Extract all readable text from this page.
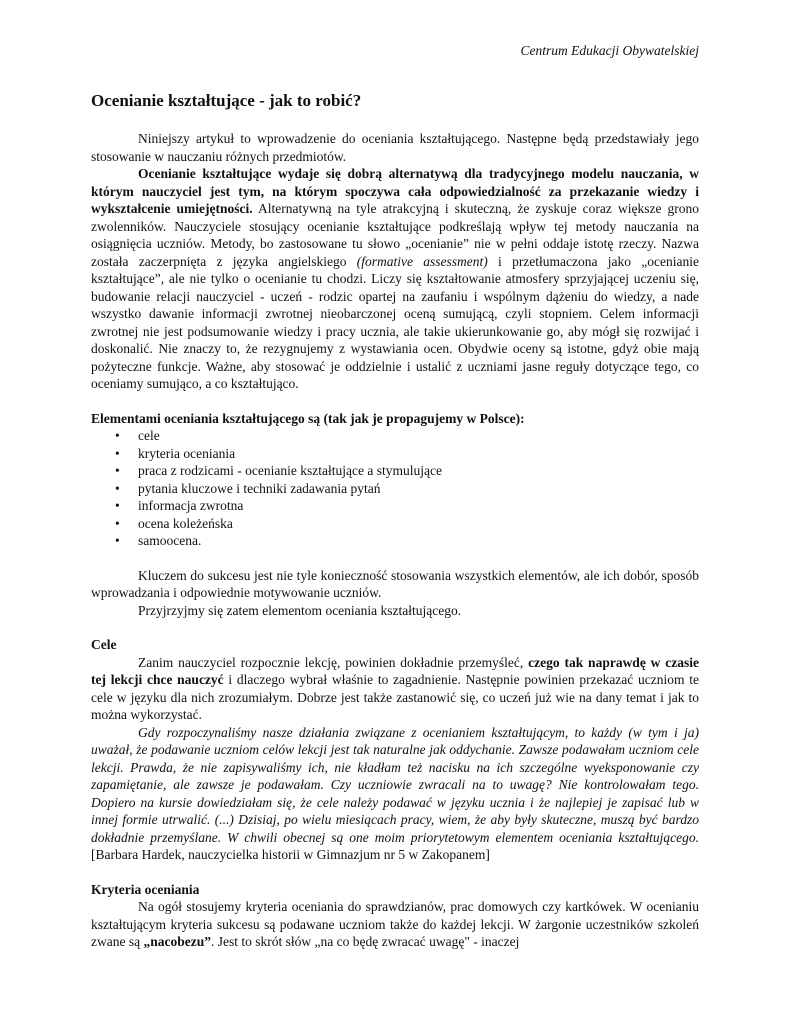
Centrum Edukacji Obywatelskiej
Ocenianie kształtujące - jak to robić?

Niniejszy artykuł to wprowadzenie do oceniania kształtującego. Następne będą przedstawiały jego stosowanie w nauczaniu różnych przedmiotów.

Ocenianie kształtujące wydaje się dobrą alternatywą dla tradycyjnego modelu nauczania, w którym nauczyciel jest tym, na którym spoczywa cała odpowiedzialność za przekazanie wiedzy i wykształcenie umiejętności. Alternatywną na tyle atrakcyjną i skuteczną, że zyskuje coraz większe grono zwolenników. Nauczyciele stosujący ocenianie kształtujące podkreślają wpływ tej metody nauczania na osiągnięcia uczniów. Metody, bo zastosowane tu słowo „ocenianie” nie w pełni oddaje istotę rzeczy. Nazwa została zaczerpnięta z języka angielskiego (formative assessment) i przetłumaczona jako „ocenianie kształtujące”, ale nie tylko o ocenianie tu chodzi. Liczy się kształtowanie atmosfery sprzyjającej uczeniu się, budowanie relacji nauczyciel - uczeń - rodzic opartej na zaufaniu i wspólnym dążeniu do wiedzy, a nade wszystko dawanie informacji zwrotnej nieobarczonej oceną sumującą, czyli stopniem. Celem informacji zwrotnej nie jest podsumowanie wiedzy i pracy ucznia, ale takie ukierunkowanie go, aby mógł się rozwijać i doskonalić. Nie znaczy to, że rezygnujemy z wystawiania ocen. Obydwie oceny są istotne, gdyż obie mają pożyteczne funkcje. Ważne, aby stosować je oddzielnie i ustalić z uczniami jasne reguły dotyczące tego, co oceniamy sumująco, a co kształtująco.

Elementami oceniania kształtującego są (tak jak je propagujemy w Polsce):
• cele
• kryteria oceniania
• praca z rodzicami - ocenianie kształtujące a stymulujące
• pytania kluczowe i techniki zadawania pytań
• informacja zwrotna
• ocena koleżeńska
• samoocena.

Kluczem do sukcesu jest nie tyle konieczność stosowania wszystkich elementów, ale ich dobór, sposób wprowadzania i odpowiednie motywowanie uczniów.

Przyjrzyjmy się zatem elementom oceniania kształtującego.

Cele

Zanim nauczyciel rozpocznie lekcję, powinien dokładnie przemyśleć, czego tak naprawdę w czasie tej lekcji chce nauczyć i dlaczego wybrał właśnie to zagadnienie. Następnie powinien przekazać uczniom te cele w języku dla nich zrozumiałym. Dobrze jest także zastanowić się, co uczeń już wie na dany temat i jak to można wykorzystać.

Gdy rozpoczynaliśmy nasze działania związane z ocenianiem kształtującym, to każdy (w tym i ja) uważał, że podawanie uczniom celów lekcji jest tak naturalne jak oddychanie. Zawsze podawałam uczniom cele lekcji. Prawda, że nie zapisywaliśmy ich, nie kładłam też nacisku na ich szczególne wyeksponowanie czy zapamiętanie, ale zawsze je podawałam. Czy uczniowie zwracali na to uwagę? Nie kontrolowałam tego. Dopiero na kursie dowiedziałam się, że cele należy podawać w języku ucznia i że najlepiej je zapisać lub w innej formie utrwalić. (...) Dzisiaj, po wielu miesiącach pracy, wiem, że aby były skuteczne, muszą być bardzo dokładnie przemyślane. W chwili obecnej są one moim priorytetowym elementem oceniania kształtującego. [Barbara Hardek, nauczycielka historii w Gimnazjum nr 5 w Zakopanem]

Kryteria oceniania

Na ogół stosujemy kryteria oceniania do sprawdzianów, prac domowych czy kartkówek. W ocenianiu kształtującym kryteria sukcesu są podawane uczniom także do każdej lekcji. W żargonie uczestników szkoleń zwane są „nacobezu”. Jest to skrót słów „na co będę zwracać uwagę" - inaczej
